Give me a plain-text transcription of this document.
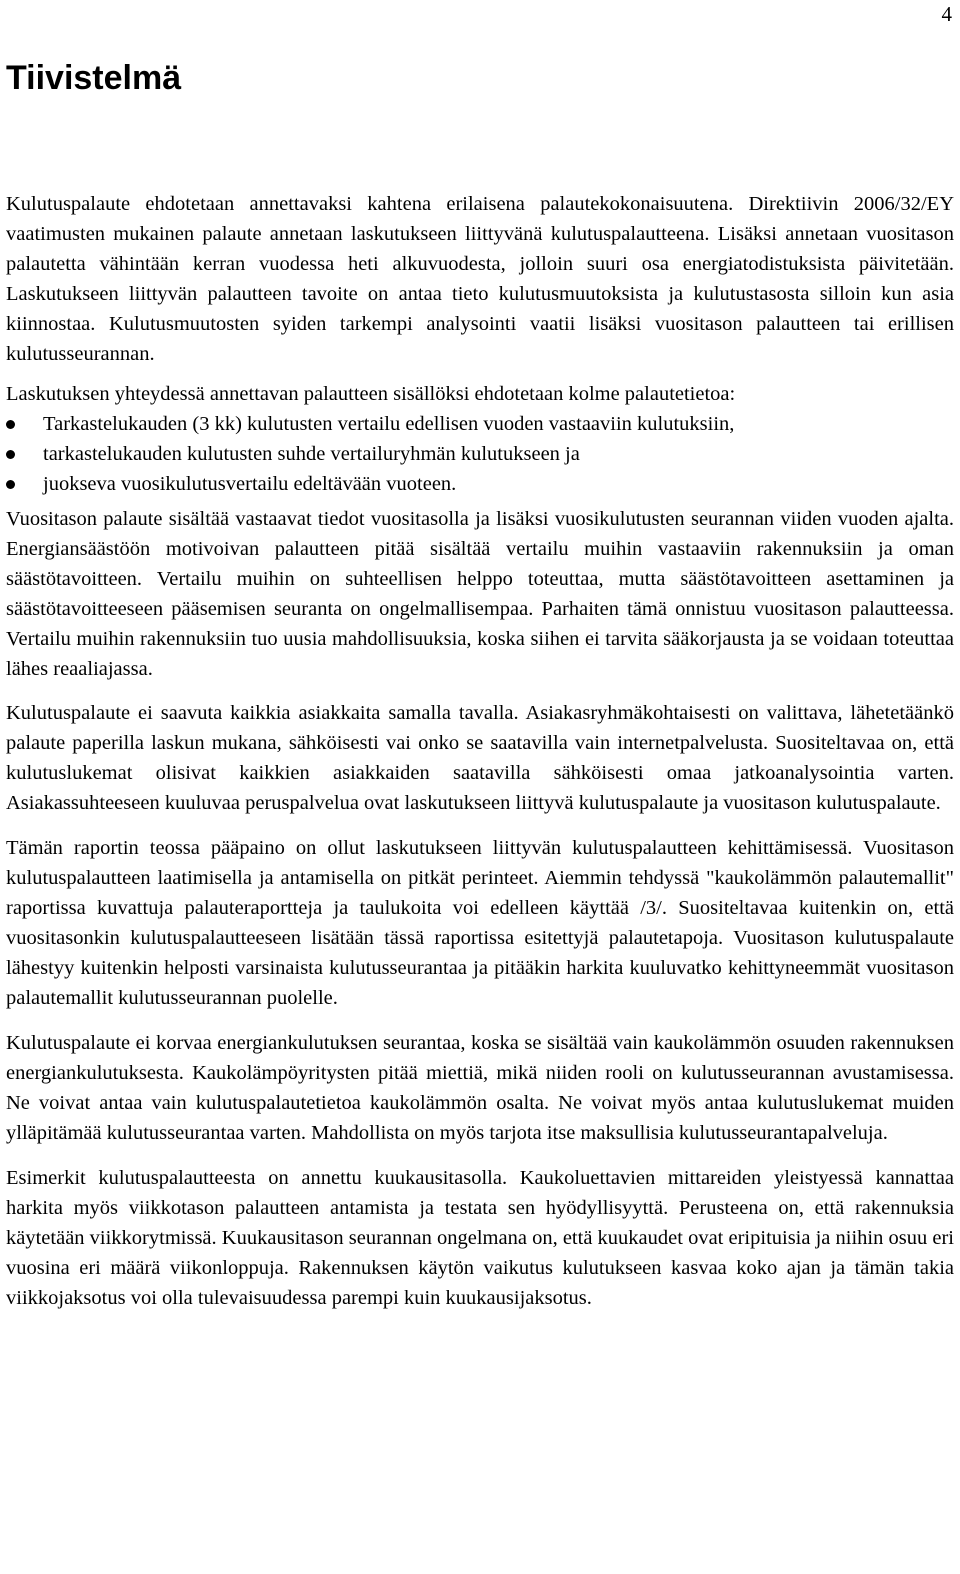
4
Tiivistelmä

Kulutuspalaute ehdotetaan annettavaksi kahtena erilaisena palautekokonaisuutena. Direktiivin 2006/32/EY vaatimusten mukainen palaute annetaan laskutukseen liittyvänä kulutuspalautteena. Lisäksi annetaan vuositason palautetta vähintään kerran vuodessa heti alkuvuodesta, jolloin suuri osa energiatodistuksista päivitetään. Laskutukseen liittyvän palautteen tavoite on antaa tieto kulutusmuutoksista ja kulutustasosta silloin kun asia kiinnostaa. Kulutusmuutosten syiden tarkempi analysointi vaatii lisäksi vuositason palautteen tai erillisen kulutusseurannan.

Laskutuksen yhteydessä annettavan palautteen sisällöksi ehdotetaan kolme palautetietoa:

Tarkastelukauden (3 kk) kulutusten vertailu edellisen vuoden vastaaviin kulutuksiin,
tarkastelukauden kulutusten suhde vertailuryhmän kulutukseen ja
juokseva vuosikulutusvertailu edeltävään vuoteen.

Vuositason palaute sisältää vastaavat tiedot vuositasolla ja lisäksi vuosikulutusten seurannan viiden vuoden ajalta. Energiansäästöön motivoivan palautteen pitää sisältää vertailu muihin vastaaviin rakennuksiin ja oman säästötavoitteen. Vertailu muihin on suhteellisen helppo toteuttaa, mutta säästötavoitteen asettaminen ja säästötavoitteeseen pääsemisen seuranta on ongelmallisempaa. Parhaiten tämä onnistuu vuositason palautteessa. Vertailu muihin rakennuksiin tuo uusia mahdollisuuksia, koska siihen ei tarvita sääkorjausta ja se voidaan toteuttaa lähes reaaliajassa.

Kulutuspalaute ei saavuta kaikkia asiakkaita samalla tavalla. Asiakasryhmäkohtaisesti on valittava, lähetetäänkö palaute paperilla laskun mukana, sähköisesti vai onko se saatavilla vain internetpalvelusta. Suositeltavaa on, että kulutuslukemat olisivat kaikkien asiakkaiden saatavilla sähköisesti omaa jatkoanalysointia varten. Asiakassuhteeseen kuuluvaa peruspalvelua ovat laskutukseen liittyvä kulutuspalaute ja vuositason kulutuspalaute.

Tämän raportin teossa pääpaino on ollut laskutukseen liittyvän kulutuspalautteen kehittämisessä. Vuositason kulutuspalautteen laatimisella ja antamisella on pitkät perinteet. Aiemmin tehdyssä "kaukolämmön palautemallit" raportissa kuvattuja palauteraportteja ja taulukoita voi edelleen käyttää /3/. Suositeltavaa kuitenkin on, että vuositasonkin kulutuspalautteeseen lisätään tässä raportissa esitettyjä palautetapoja. Vuositason kulutuspalaute lähestyy kuitenkin helposti varsinaista kulutusseurantaa ja pitääkin harkita kuuluvatko kehittyneemmät vuositason palautemallit kulutusseurannan puolelle.

Kulutuspalaute ei korvaa energiankulutuksen seurantaa, koska se sisältää vain kaukolämmön osuuden rakennuksen energiankulutuksesta. Kaukolämpöyritysten pitää miettiä, mikä niiden rooli on kulutusseurannan avustamisessa. Ne voivat antaa vain kulutuspalautetietoa kaukolämmön osalta. Ne voivat myös antaa kulutuslukemat muiden ylläpitämää kulutusseurantaa varten. Mahdollista on myös tarjota itse maksullisia kulutusseurantapalveluja.

Esimerkit kulutuspalautteesta on annettu kuukausitasolla. Kaukoluettavien mittareiden yleistyessä kannattaa harkita myös viikkotason palautteen antamista ja testata sen hyödyllisyyttä. Perusteena on, että rakennuksia käytetään viikkorytmissä. Kuukausitason seurannan ongelmana on, että kuukaudet ovat eripituisia ja niihin osuu eri vuosina eri määrä viikonloppuja. Rakennuksen käytön vaikutus kulutukseen kasvaa koko ajan ja tämän takia viikkojaksotus voi olla tulevaisuudessa parempi kuin kuukausijaksotus.
